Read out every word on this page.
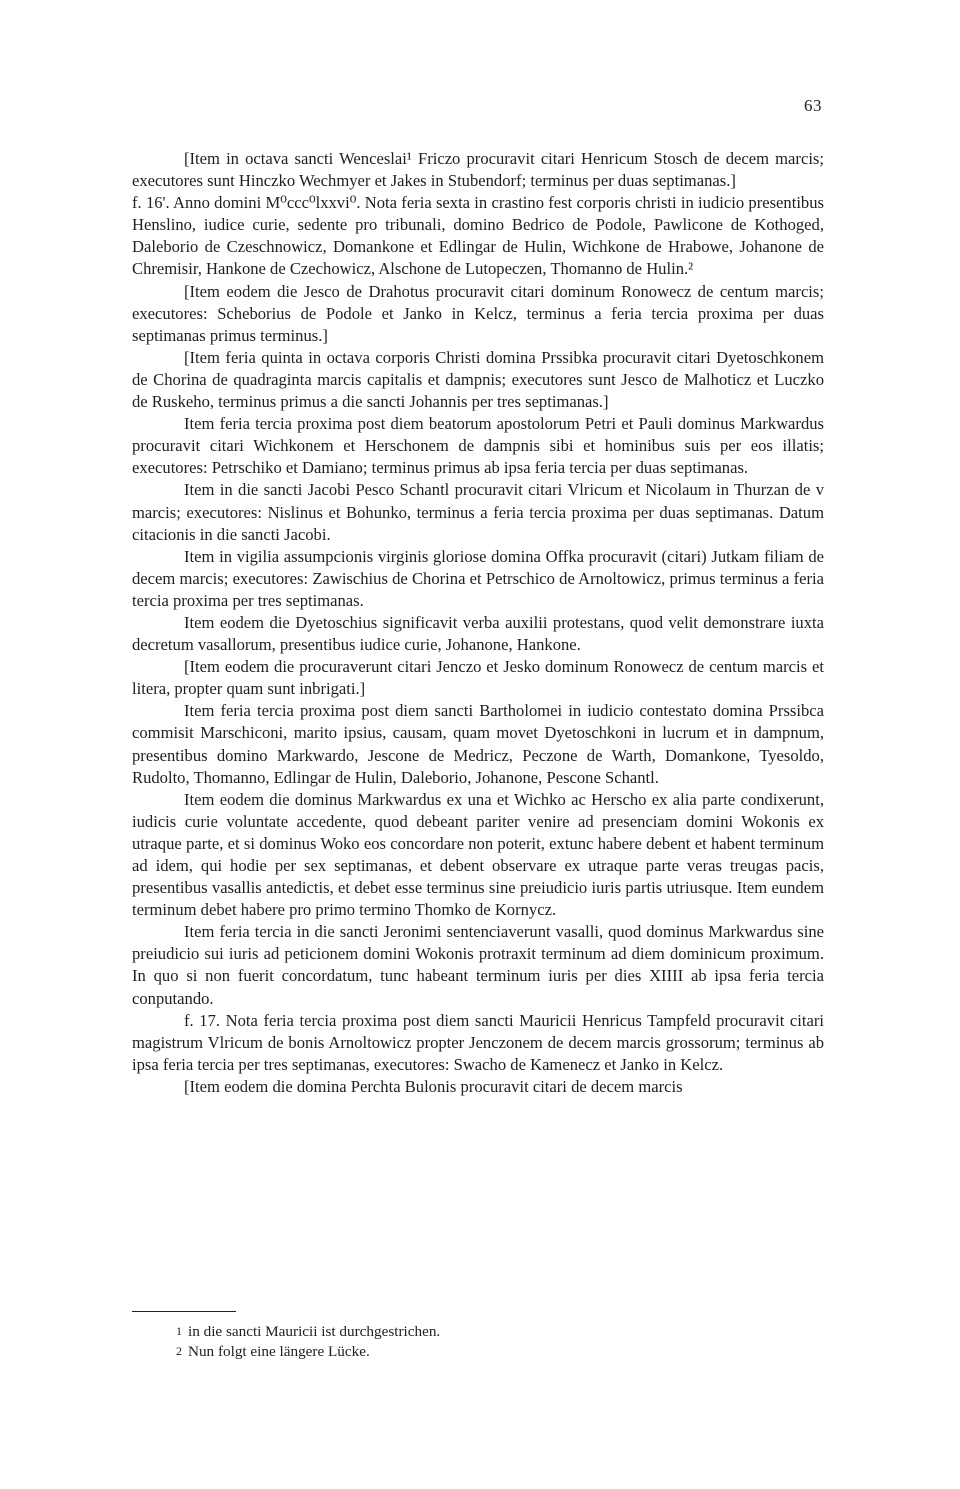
63

[Item in octava sancti Wenceslai¹ Friczo procuravit citari Henricum Stosch de decem marcis; executores sunt Hinczko Wechmyer et Jakes in Stubendorf; terminus per duas septimanas.]

f. 16'. Anno domini M⁰ccc⁰lxxvi⁰. Nota feria sexta in crastino fest corporis christi in iudicio presentibus Henslino, iudice curie, sedente pro tribunali, domino Bedrico de Podole, Pawlicone de Kothoged, Daleborio de Czeschnowicz, Domankone et Edlingar de Hulin, Wichkone de Hrabowe, Johanone de Chremisir, Hankone de Czechowicz, Alschone de Lutopeczen, Thomanno de Hulin.²

[Item eodem die Jesco de Drahotus procuravit citari dominum Ronowecz de centum marcis; executores: Scheborius de Podole et Janko in Kelcz, terminus a feria tercia proxima per duas septimanas primus terminus.]

[Item feria quinta in octava corporis Christi domina Prssibka procuravit citari Dyetoschkonem de Chorina de quadraginta marcis capitalis et dampnis; executores sunt Jesco de Malhoticz et Luczko de Ruskeho, terminus primus a die sancti Johannis per tres septimanas.]

Item feria tercia proxima post diem beatorum apostolorum Petri et Pauli dominus Markwardus procuravit citari Wichkonem et Herschonem de dampnis sibi et hominibus suis per eos illatis; executores: Petrschiko et Damiano; terminus primus ab ipsa feria tercia per duas septimanas.

Item in die sancti Jacobi Pesco Schantl procuravit citari Vlricum et Nicolaum in Thurzan de v marcis; executores: Nislinus et Bohunko, terminus a feria tercia proxima per duas septimanas. Datum citacionis in die sancti Jacobi.

Item in vigilia assumpcionis virginis gloriose domina Offka procuravit (citari) Jutkam filiam de decem marcis; executores: Zawischius de Chorina et Petrschico de Arnoltowicz, primus terminus a feria tercia proxima per tres septimanas.

Item eodem die Dyetoschius significavit verba auxilii protestans, quod velit demonstrare iuxta decretum vasallorum, presentibus iudice curie, Johanone, Hankone.

[Item eodem die procuraverunt citari Jenczo et Jesko dominum Ronowecz de centum marcis et litera, propter quam sunt inbrigati.]

Item feria tercia proxima post diem sancti Bartholomei in iudicio contestato domina Prssibca commisit Marschiconi, marito ipsius, causam, quam movet Dyetoschkoni in lucrum et in dampnum, presentibus domino Markwardo, Jescone de Medricz, Peczone de Warth, Domankone, Tyesoldo, Rudolto, Thomanno, Edlingar de Hulin, Daleborio, Johanone, Pescone Schantl.

Item eodem die dominus Markwardus ex una et Wichko ac Herscho ex alia parte condixerunt, iudicis curie voluntate accedente, quod debeant pariter venire ad presenciam domini Wokonis ex utraque parte, et si dominus Woko eos concordare non poterit, extunc habere debent et habent terminum ad idem, qui hodie per sex septimanas, et debent observare ex utraque parte veras treugas pacis, presentibus vasallis antedictis, et debet esse terminus sine preiudicio iuris partis utriusque. Item eundem terminum debet habere pro primo termino Thomko de Kornycz.

Item feria tercia in die sancti Jeronimi sentenciaverunt vasalli, quod dominus Markwardus sine preiudicio sui iuris ad peticionem domini Wokonis protraxit terminum ad diem dominicum proximum. In quo si non fuerit concordatum, tunc habeant terminum iuris per dies XIIII ab ipsa feria tercia conputando.

f. 17. Nota feria tercia proxima post diem sancti Mauricii Henricus Tampfeld procuravit citari magistrum Vlricum de bonis Arnoltowicz propter Jenczonem de decem marcis grossorum; terminus ab ipsa feria tercia per tres septimanas, executores: Swacho de Kamenecz et Janko in Kelcz.

[Item eodem die domina Perchta Bulonis procuravit citari de decem marcis

1 in die sancti Mauricii ist durchgestrichen.

2 Nun folgt eine längere Lücke.
